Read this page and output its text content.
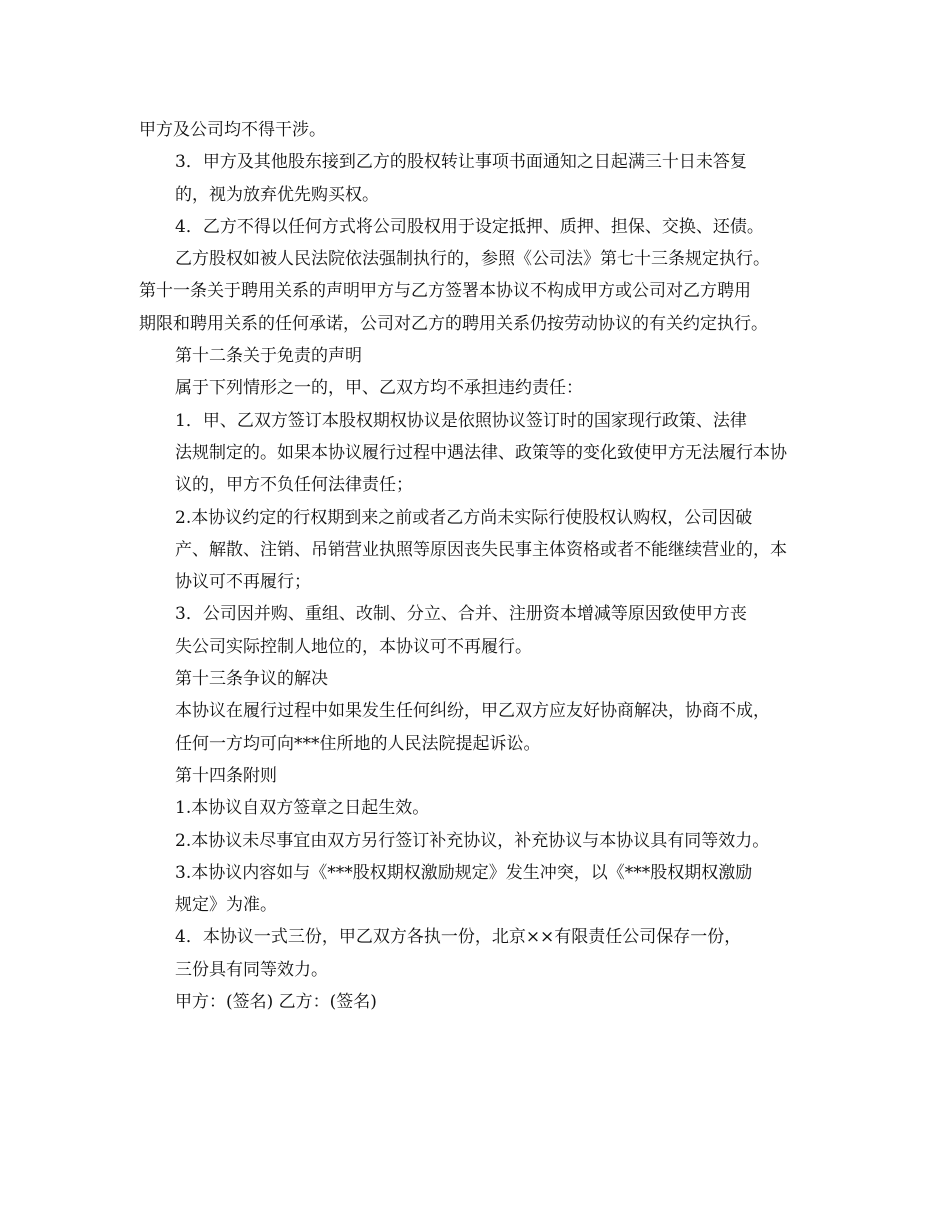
甲方及公司均不得干涉。
3．甲方及其他股东接到乙方的股权转让事项书面通知之日起满三十日未答复
的，视为放弃优先购买权。
4．乙方不得以任何方式将公司股权用于设定抵押、质押、担保、交换、还债。
乙方股权如被人民法院依法强制执行的，参照《公司法》第七十三条规定执行。
第十一条关于聘用关系的声明甲方与乙方签署本协议不构成甲方或公司对乙方聘用
期限和聘用关系的任何承诺，公司对乙方的聘用关系仍按劳动协议的有关约定执行。
第十二条关于免责的声明
属于下列情形之一的，甲、乙双方均不承担违约责任：
1．甲、乙双方签订本股权期权协议是依照协议签订时的国家现行政策、法律
法规制定的。如果本协议履行过程中遇法律、政策等的变化致使甲方无法履行本协
议的，甲方不负任何法律责任；
2.本协议约定的行权期到来之前或者乙方尚未实际行使股权认购权，公司因破
产、解散、注销、吊销营业执照等原因丧失民事主体资格或者不能继续营业的，本
协议可不再履行；
3．公司因并购、重组、改制、分立、合并、注册资本增减等原因致使甲方丧
失公司实际控制人地位的，本协议可不再履行。
第十三条争议的解决
本协议在履行过程中如果发生任何纠纷，甲乙双方应友好协商解决，协商不成，
任何一方均可向***住所地的人民法院提起诉讼。
第十四条附则
1.本协议自双方签章之日起生效。
2.本协议未尽事宜由双方另行签订补充协议，补充协议与本协议具有同等效力。
3.本协议内容如与《***股权期权激励规定》发生冲突，以《***股权期权激励
规定》为准。
4．本协议一式三份，甲乙双方各执一份，北京××有限责任公司保存一份，
三份具有同等效力。
甲方：(签名) 乙方：(签名)
